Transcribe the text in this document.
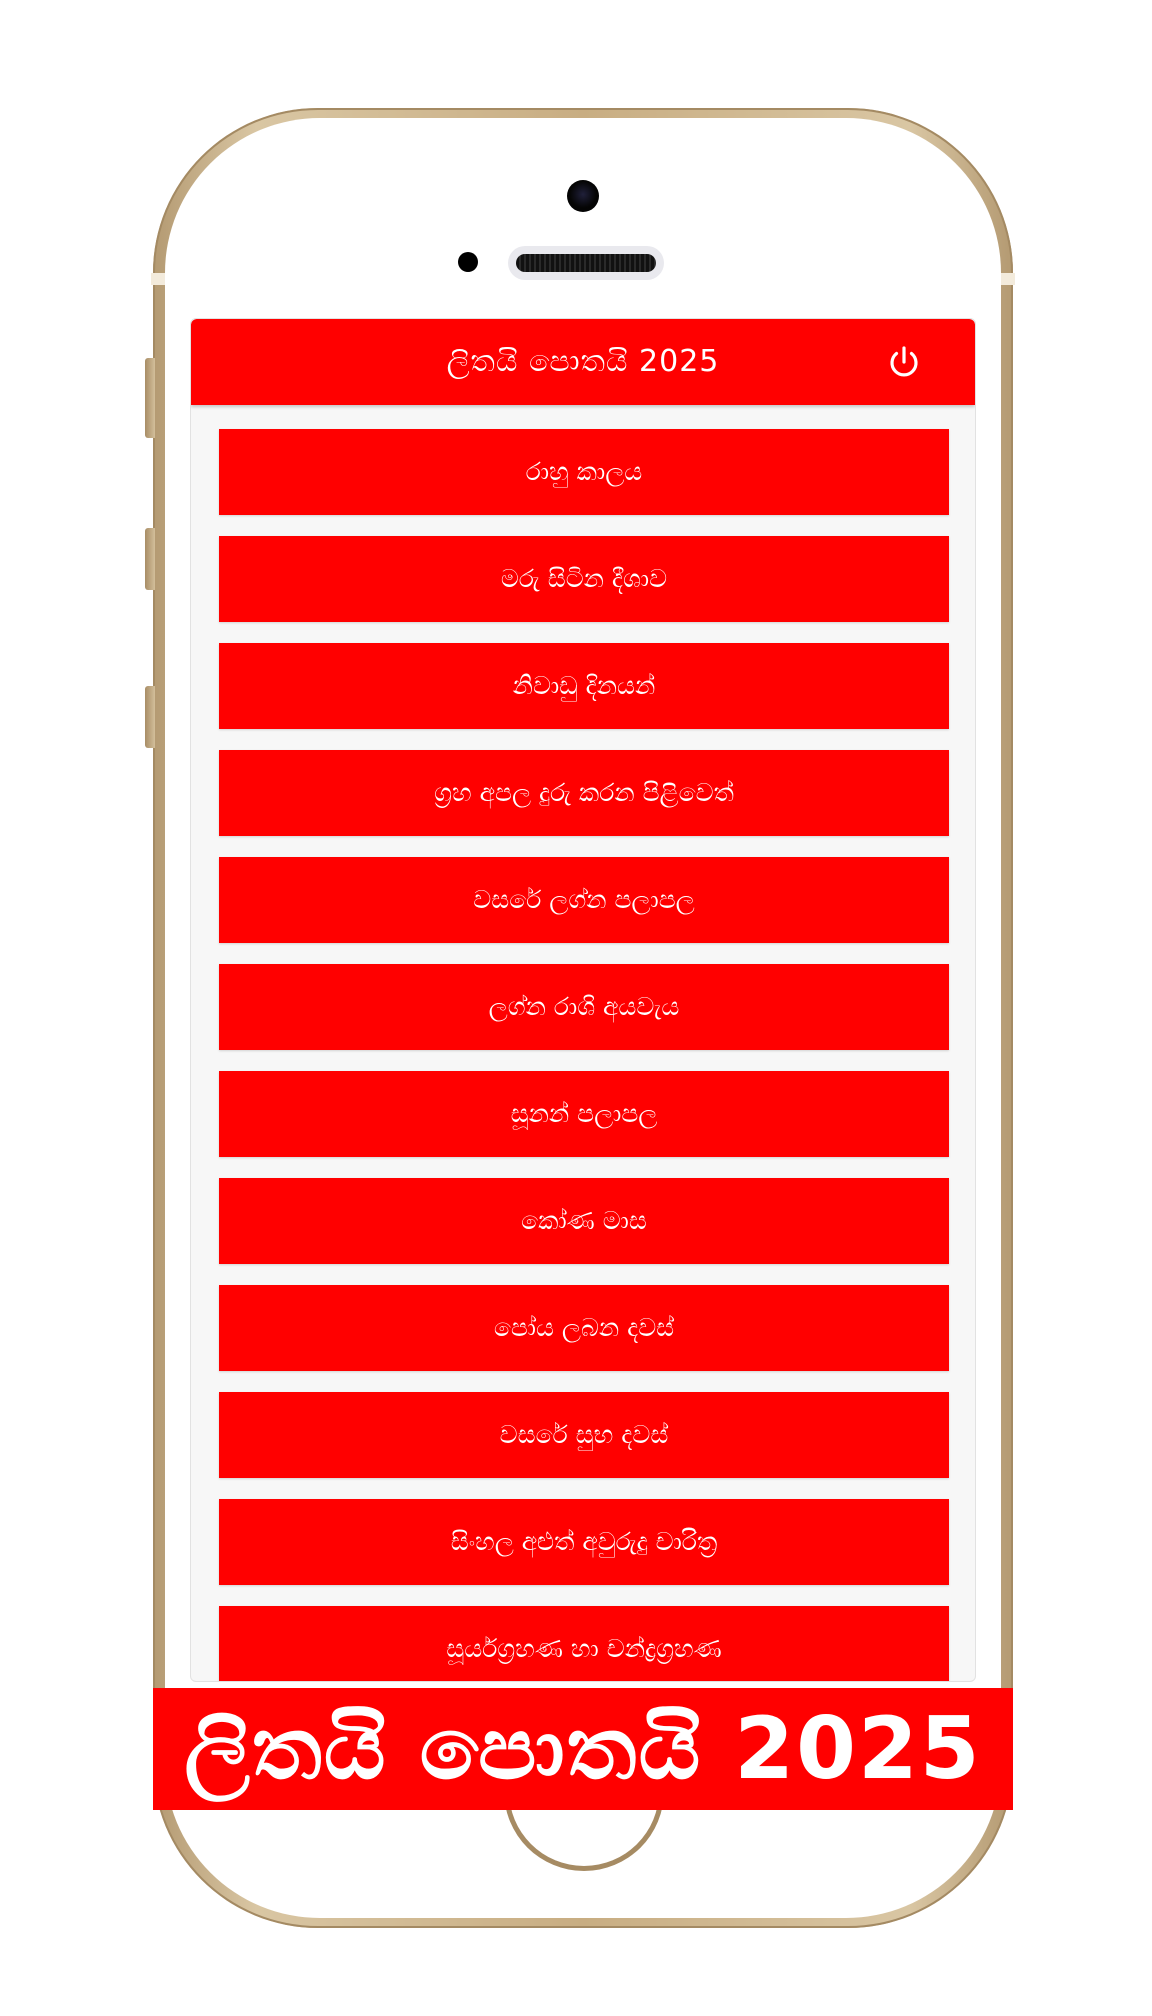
ලිතයි පොතයි 2025
රාහු කාලය
මරු සිටින දීශාව
නිවාඩු දිනයන්
ග්‍රහ අපල දුරු කරන පිළිවෙත්
වසරේ ලග්න පලාපල
ලග්න රාශි අයවැය
සූනන් පලාපල
කෝණ මාස
පෝය ලබන දවස්
වසරේ සුභ දවස්
සිංහල අළුත් අවුරුදු චාරිත්‍ර
සූර්යග්‍රහණ හා චන්ද්‍රග්‍රහණ
ලිතයි පොතයි 2025
